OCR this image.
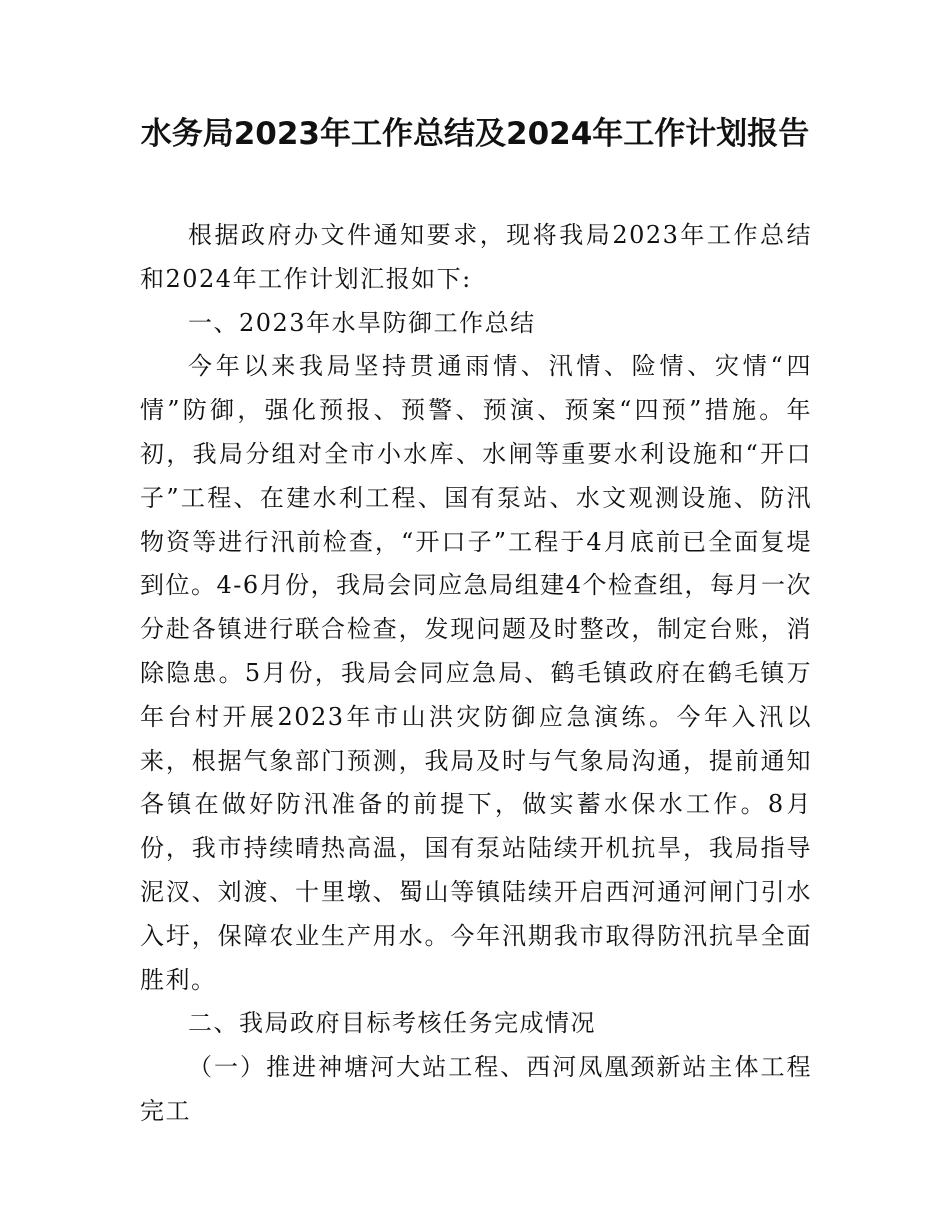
水务局2023年工作总结及2024年工作计划报告

根据政府办文件通知要求，现将我局2023年工作总结和2024年工作计划汇报如下:

一、2023年水旱防御工作总结

今年以来我局坚持贯通雨情、汛情、险情、灾情“四情”防御，强化预报、预警、预演、预案“四预”措施。年初，我局分组对全市小水库、水闸等重要水利设施和“开口子”工程、在建水利工程、国有泵站、水文观测设施、防汛物资等进行汛前检查，“开口子”工程于4月底前已全面复堤到位。4-6月份，我局会同应急局组建4个检查组，每月一次分赴各镇进行联合检查，发现问题及时整改，制定台账，消除隐患。5月份，我局会同应急局、鹤毛镇政府在鹤毛镇万年台村开展2023年市山洪灾防御应急演练。今年入汛以来，根据气象部门预测，我局及时与气象局沟通，提前通知各镇在做好防汛准备的前提下，做实蓄水保水工作。8月份，我市持续晴热高温，国有泵站陆续开机抗旱，我局指导泥汊、刘渡、十里墩、蜀山等镇陆续开启西河通河闸门引水入圩，保障农业生产用水。今年汛期我市取得防汛抗旱全面胜利。

二、我局政府目标考核任务完成情况

（一）推进神塘河大站工程、西河凤凰颈新站主体工程完工
